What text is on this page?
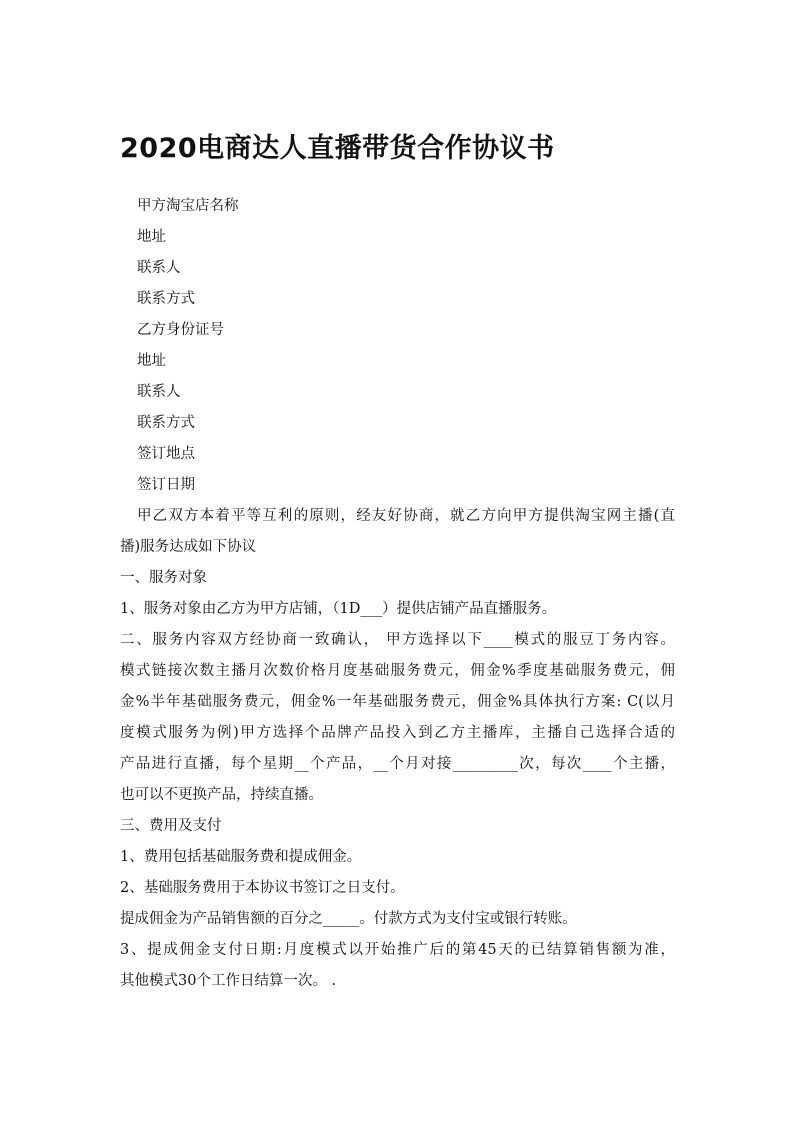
2020电商达人直播带货合作协议书
甲方淘宝店名称
地址
联系人
联系方式
乙方身份证号
地址
联系人
联系方式
签订地点
签订日期
甲乙双方本着平等互利的原则，经友好协商，就乙方向甲方提供淘宝网主播(直
播)服务达成如下协议
一、服务对象
1、服务对象由乙方为甲方店铺，（1D___）提供店铺产品直播服务。
二、服务内容双方经协商一致确认， 甲方选择以下____模式的服豆丁务内容。
模式链接次数主播月次数价格月度基础服务费元，佣金%季度基础服务费元，佣
金%半年基础服务费元，佣金%一年基础服务费元，佣金%具体执行方案: C(以月
度模式服务为例)甲方选择个品牌产品投入到乙方主播库，主播自己选择合适的
产品进行直播，每个星期__个产品，__个月对接_________次，每次____个主播，
也可以不更换产品，持续直播。
三、费用及支付
1、费用包括基础服务费和提成佣金。
2、基础服务费用于本协议书签订之日支付。
提成佣金为产品销售额的百分之_____。付款方式为支付宝或银行转账。
3、提成佣金支付日期:月度模式以开始推广后的第45天的已结算销售额为准，
其他模式30个工作日结算一次。 .
